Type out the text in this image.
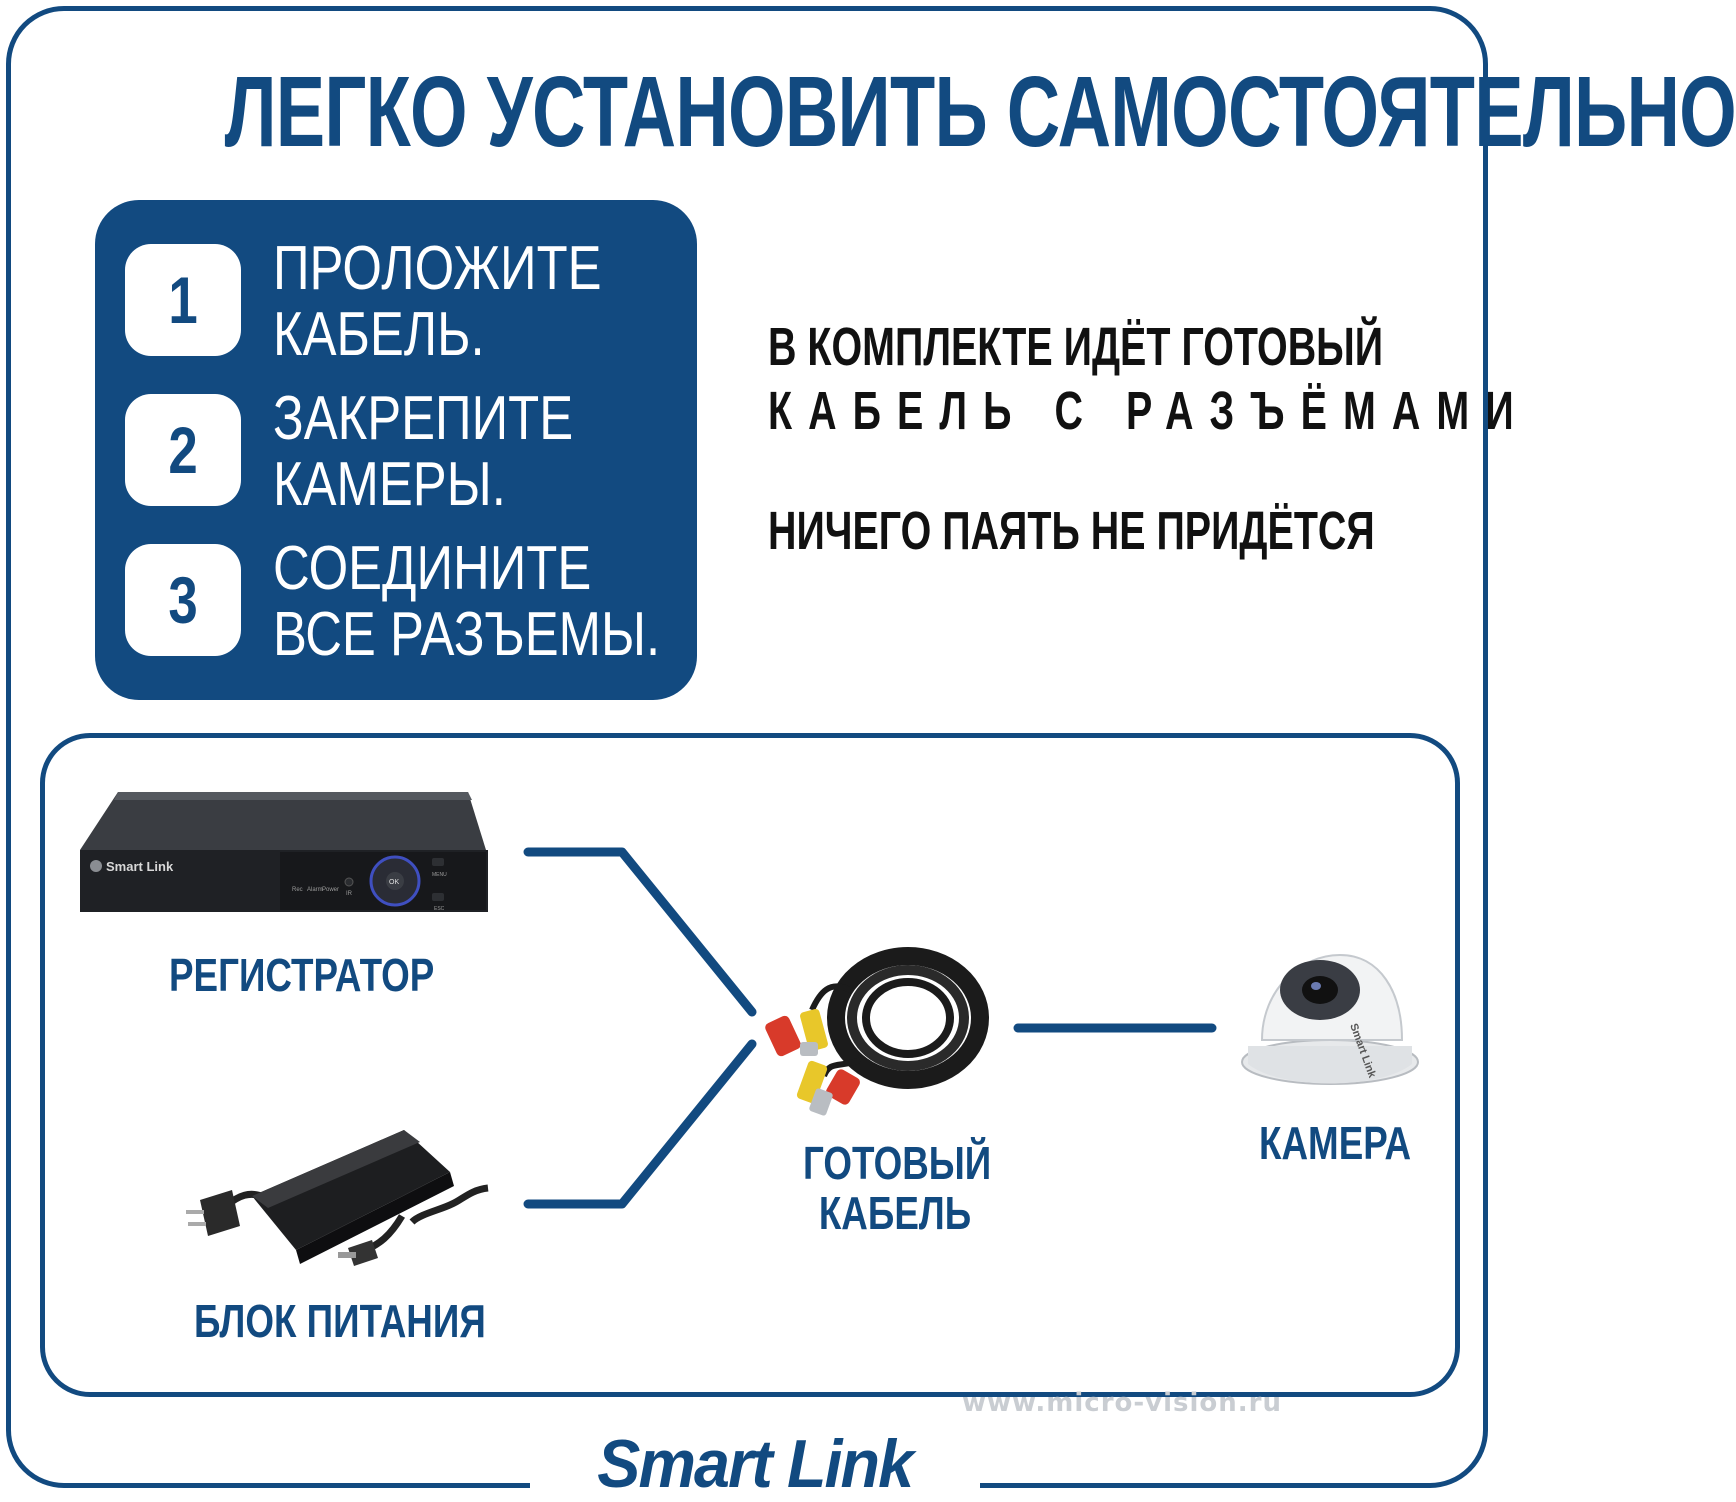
ЛЕГКО УСТАНОВИТЬ САМОСТОЯТЕЛЬНО
1	ПРОЛОЖИТЕ
КАБЕЛЬ.
2	ЗАКРЕПИТЕ
КАМЕРЫ.
3	СОЕДИНИТЕ
ВСЕ РАЗЪЕМЫ.
В КОМПЛЕКТЕ ИДЁТ ГОТОВЫЙ
КАБЕЛЬ С РАЗЪЁМАМИ
НИЧЕГО ПАЯТЬ НЕ ПРИДЁТСЯ
Smart Link
Rec Alarm Power
IR
OK
MENU
ESC
Smart Link
РЕГИСТРАТОР
БЛОК ПИТАНИЯ
ГОТОВЫЙ
КАБЕЛЬ
КАМЕРА
www.micro-vision.ru
Smart Link
